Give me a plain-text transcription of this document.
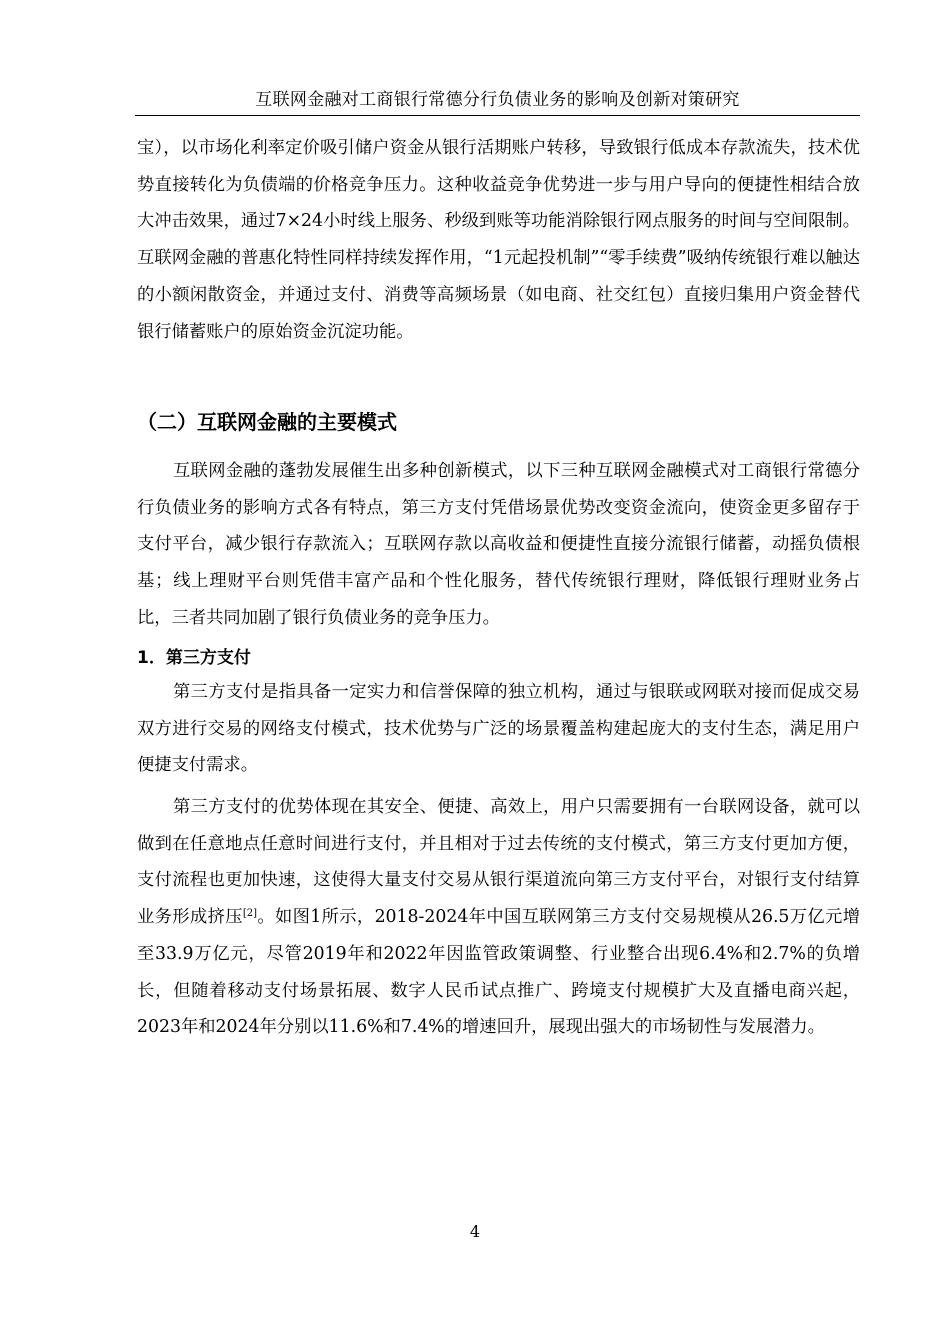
互联网金融对工商银行常德分行负债业务的影响及创新对策研究

宝），以市场化利率定价吸引储户资金从银行活期账户转移，导致银行低成本存款流失，技术优势直接转化为负债端的价格竞争压力。这种收益竞争优势进一步与用户导向的便捷性相结合放大冲击效果，通过7×24小时线上服务、秒级到账等功能消除银行网点服务的时间与空间限制。互联网金融的普惠化特性同样持续发挥作用，“1元起投机制”“零手续费”吸纳传统银行难以触达的小额闲散资金，并通过支付、消费等高频场景（如电商、社交红包）直接归集用户资金替代银行储蓄账户的原始资金沉淀功能。

（二）互联网金融的主要模式

互联网金融的蓬勃发展催生出多种创新模式，以下三种互联网金融模式对工商银行常德分行负债业务的影响方式各有特点，第三方支付凭借场景优势改变资金流向，使资金更多留存于支付平台，减少银行存款流入；互联网存款以高收益和便捷性直接分流银行储蓄，动摇负债根基；线上理财平台则凭借丰富产品和个性化服务，替代传统银行理财，降低银行理财业务占比，三者共同加剧了银行负债业务的竞争压力。

1．第三方支付

第三方支付是指具备一定实力和信誉保障的独立机构，通过与银联或网联对接而促成交易双方进行交易的网络支付模式，技术优势与广泛的场景覆盖构建起庞大的支付生态，满足用户便捷支付需求。

第三方支付的优势体现在其安全、便捷、高效上，用户只需要拥有一台联网设备，就可以做到在任意地点任意时间进行支付，并且相对于过去传统的支付模式，第三方支付更加方便，支付流程也更加快速，这使得大量支付交易从银行渠道流向第三方支付平台，对银行支付结算业务形成挤压[2]。如图1所示，2018-2024年中国互联网第三方支付交易规模从26.5万亿元增至33.9万亿元，尽管2019年和2022年因监管政策调整、行业整合出现6.4%和2.7%的负增长，但随着移动支付场景拓展、数字人民币试点推广、跨境支付规模扩大及直播电商兴起，2023年和2024年分别以11.6%和7.4%的增速回升，展现出强大的市场韧性与发展潜力。

4
